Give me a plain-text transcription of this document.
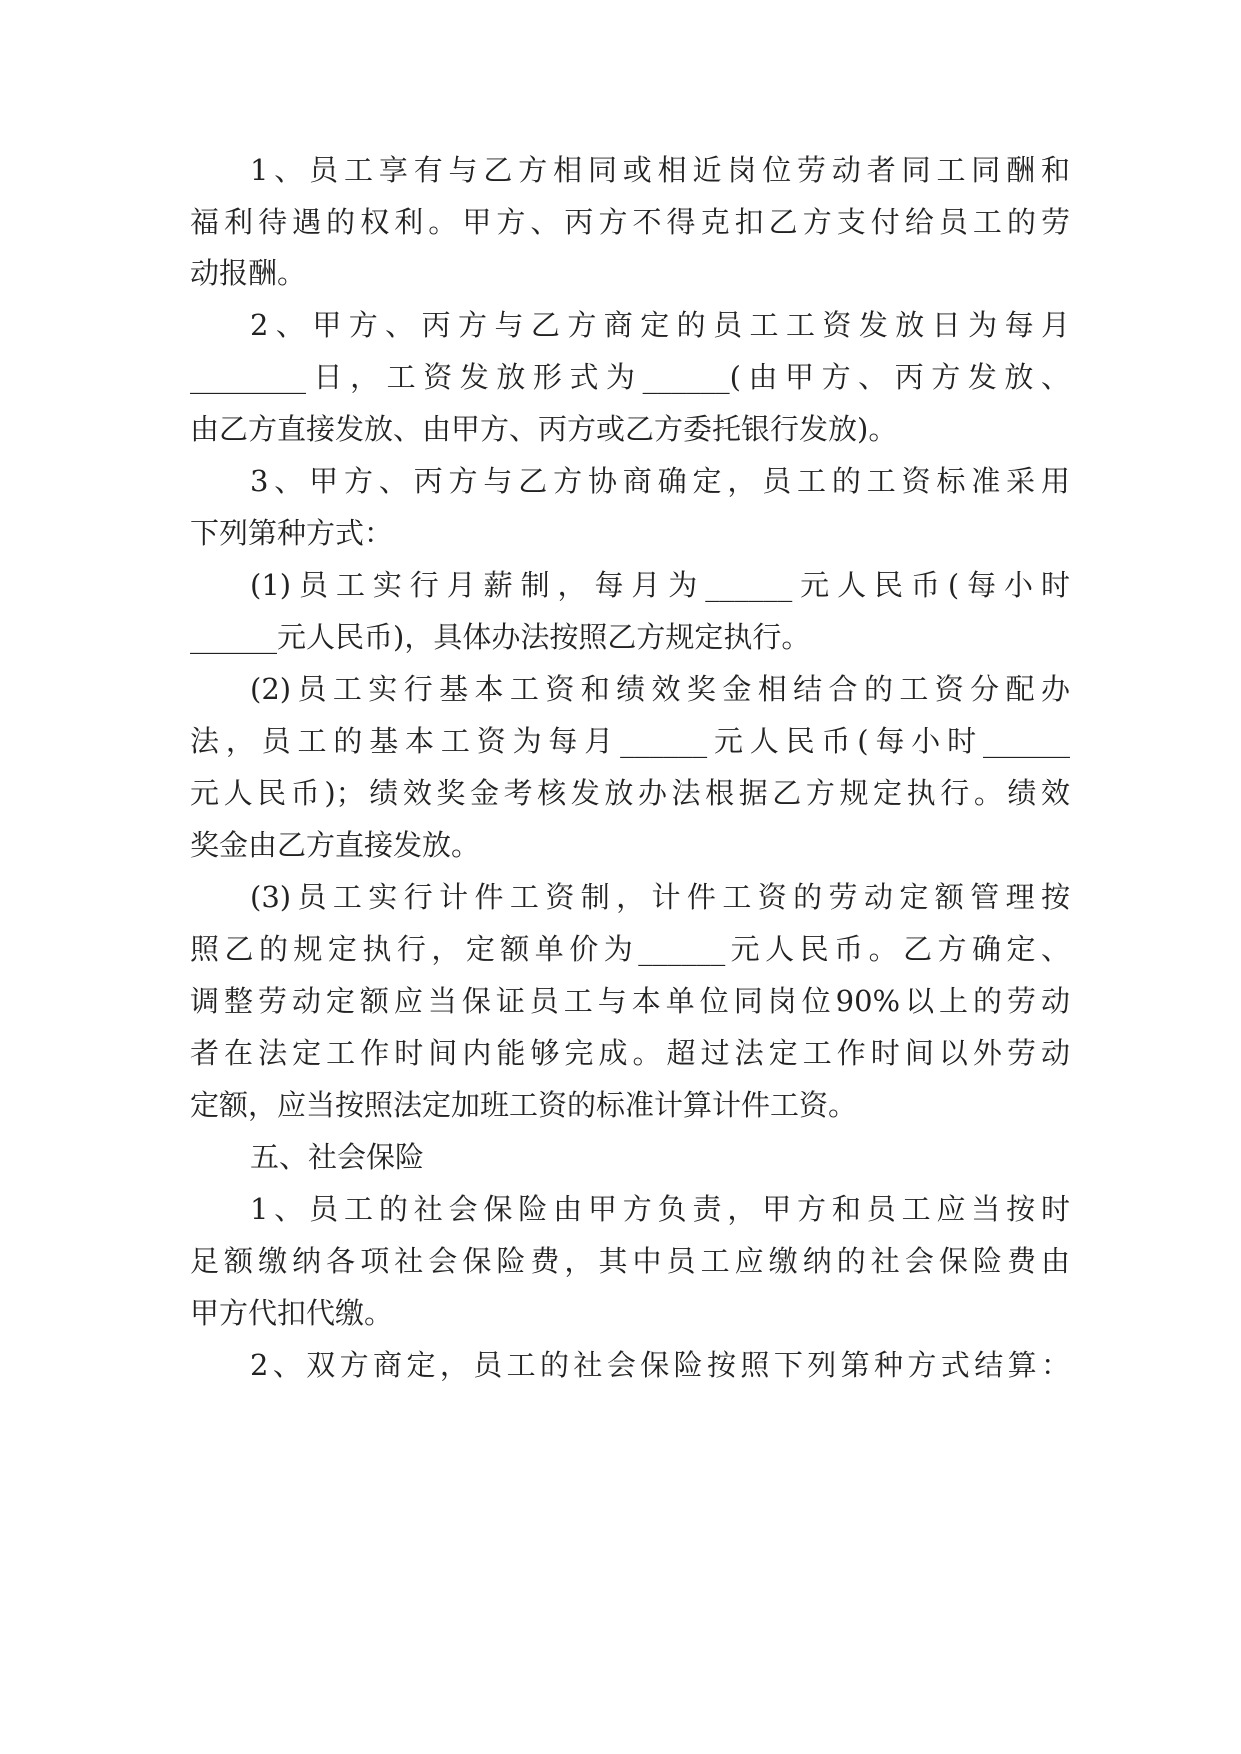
1、员工享有与乙方相同或相近岗位劳动者同工同酬和

福利待遇的权利。甲方、丙方不得克扣乙方支付给员工的劳

动报酬。

2、甲方、丙方与乙方商定的员工工资发放日为每月

________日，工资发放形式为______(由甲方、丙方发放、

由乙方直接发放、由甲方、丙方或乙方委托银行发放)。

3、甲方、丙方与乙方协商确定，员工的工资标准采用

下列第种方式：

(1)员工实行月薪制，每月为______元人民币(每小时

______元人民币)，具体办法按照乙方规定执行。

(2)员工实行基本工资和绩效奖金相结合的工资分配办

法，员工的基本工资为每月______元人民币(每小时______

元人民币)；绩效奖金考核发放办法根据乙方规定执行。绩效

奖金由乙方直接发放。

(3)员工实行计件工资制，计件工资的劳动定额管理按

照乙的规定执行，定额单价为______元人民币。乙方确定、

调整劳动定额应当保证员工与本单位同岗位90%以上的劳动

者在法定工作时间内能够完成。超过法定工作时间以外劳动

定额，应当按照法定加班工资的标准计算计件工资。

五、社会保险

1、员工的社会保险由甲方负责，甲方和员工应当按时

足额缴纳各项社会保险费，其中员工应缴纳的社会保险费由

甲方代扣代缴。

2、双方商定，员工的社会保险按照下列第种方式结算：
